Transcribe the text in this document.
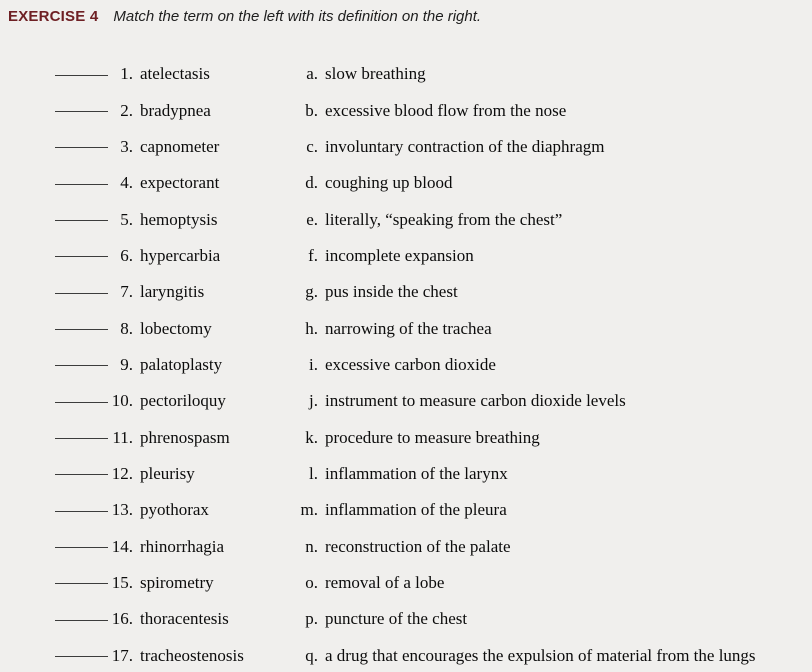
EXERCISE 4 Match the term on the left with its definition on the right.
1. atelectasis	a. slow breathing
2. bradypnea	b. excessive blood flow from the nose
3. capnometer	c. involuntary contraction of the diaphragm
4. expectorant	d. coughing up blood
5. hemoptysis	e. literally, “speaking from the chest”
6. hypercarbia	f. incomplete expansion
7. laryngitis	g. pus inside the chest
8. lobectomy	h. narrowing of the trachea
9. palatoplasty	i. excessive carbon dioxide
10. pectoriloquy	j. instrument to measure carbon dioxide levels
11. phrenospasm	k. procedure to measure breathing
12. pleurisy	l. inflammation of the larynx
13. pyothorax	m. inflammation of the pleura
14. rhinorrhagia	n. reconstruction of the palate
15. spirometry	o. removal of a lobe
16. thoracentesis	p. puncture of the chest
17. tracheostenosis	q. a drug that encourages the expulsion of material from the lungs
